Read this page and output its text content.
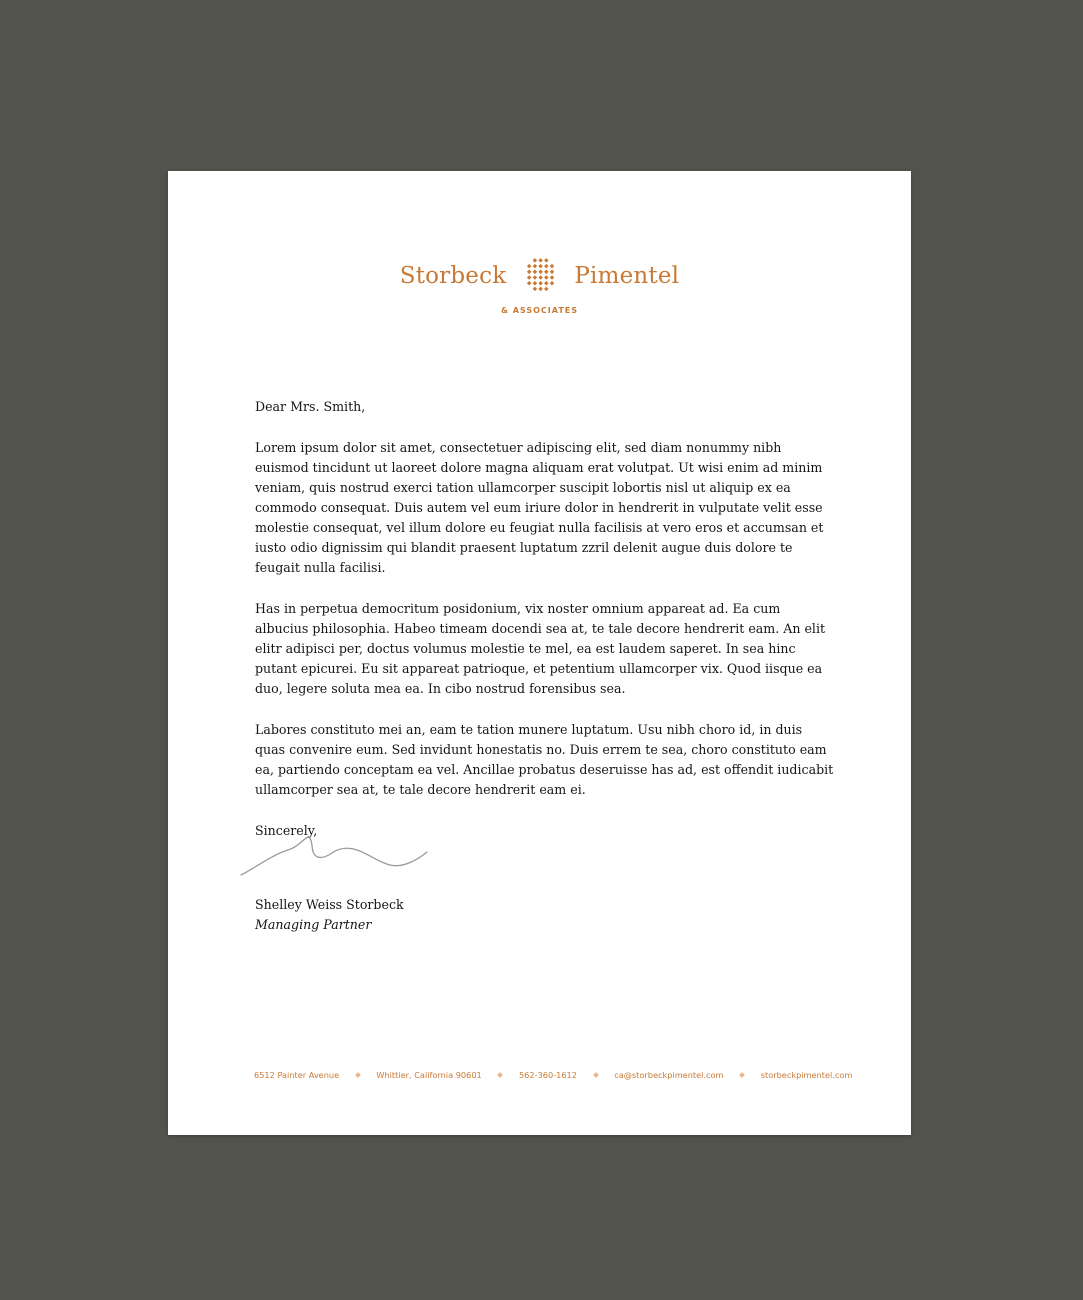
Storbeck	Pimentel
& ASSOCIATES

Dear Mrs. Smith,

Lorem ipsum dolor sit amet, consectetuer adipiscing elit, sed diam nonummy nibh euismod tincidunt ut laoreet dolore magna aliquam erat volutpat. Ut wisi enim ad minim veniam, quis nostrud exerci tation ullamcorper suscipit lobortis nisl ut aliquip ex ea commodo consequat. Duis autem vel eum iriure dolor in hendrerit in vulputate velit esse molestie consequat, vel illum dolore eu feugiat nulla facilisis at vero eros et accumsan et iusto odio dignissim qui blandit praesent luptatum zzril delenit augue duis dolore te feugait nulla facilisi.

Has in perpetua democritum posidonium, vix noster omnium appareat ad. Ea cum albucius philosophia. Habeo timeam docendi sea at, te tale decore hendrerit eam. An elit elitr adipisci per, doctus volumus molestie te mel, ea est laudem saperet. In sea hinc putant epicurei. Eu sit appareat patrioque, et petentium ullamcorper vix. Quod iisque ea duo, legere soluta mea ea. In cibo nostrud forensibus sea.

Labores constituto mei an, eam te tation munere luptatum. Usu nibh choro id, in duis quas convenire eum. Sed invidunt honestatis no. Duis errem te sea, choro constituto eam ea, partiendo conceptam ea vel. Ancillae probatus deseruisse has ad, est offendit iudicabit ullamcorper sea at, te tale decore hendrerit eam ei.

Sincerely,

Shelley Weiss Storbeck
Managing Partner
6512 Painter Avenue	Whittier, California 90601	562-360-1612	ca@storbeckpimentel.com	storbeckpimentel.com
